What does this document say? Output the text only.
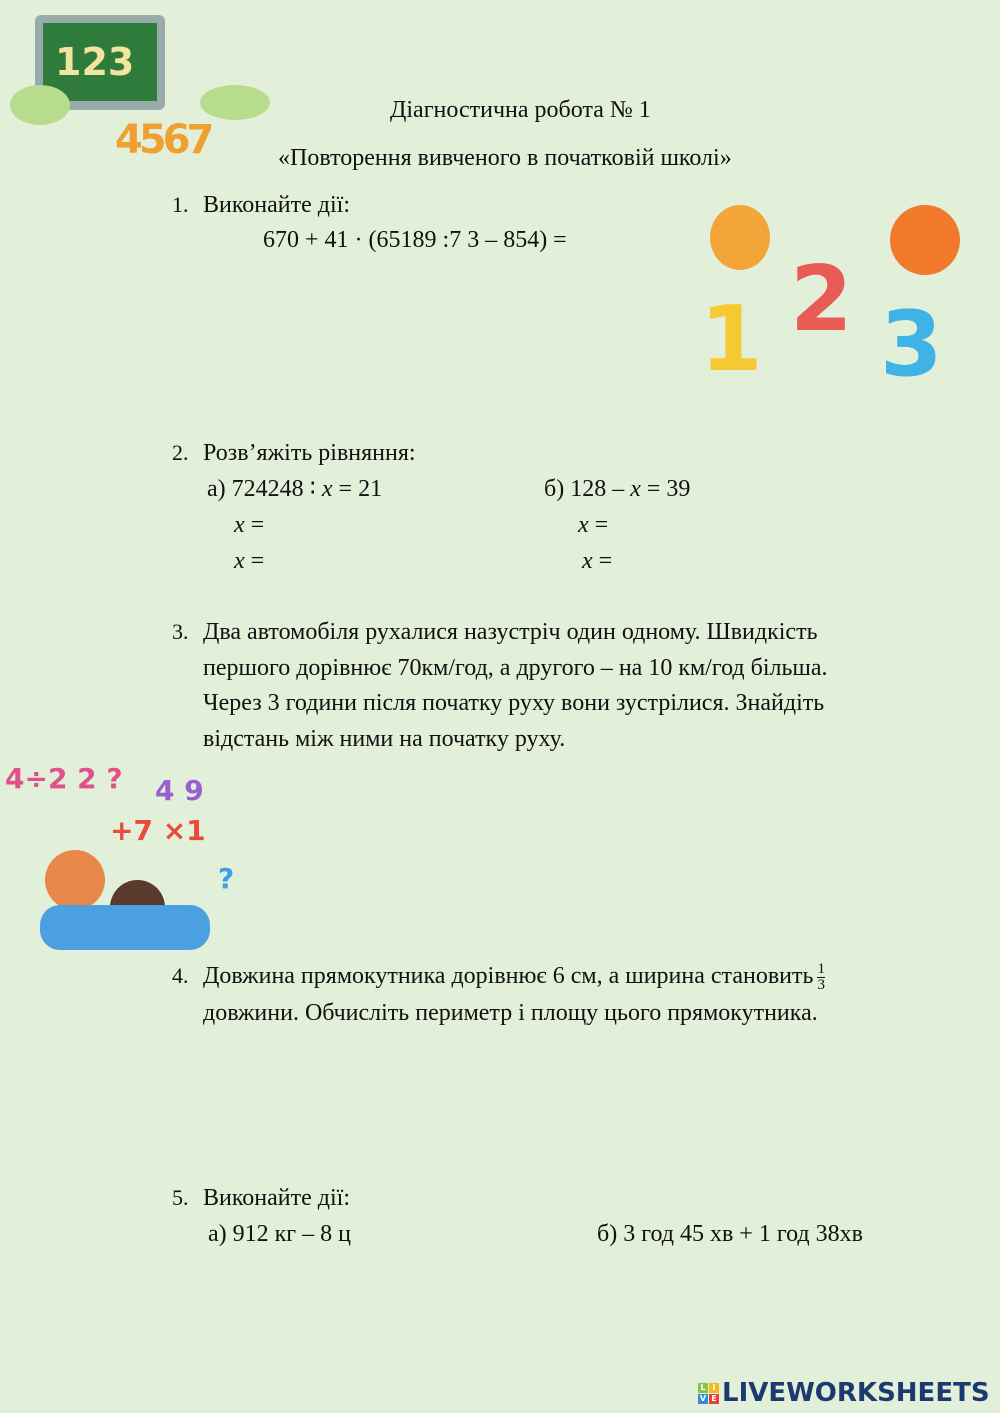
123
4567
1 2 3
4÷2 2 ? 4 9
+7 ×1
?
Діагностична робота № 1
«Повторення вивченого в початковій школі»
1. Виконайте дії:
670 + 41 · (65189 :7 3 – 854) =
2. Розв’яжіть рівняння:
а) 724248 ∶ x = 21	б) 128 – x = 39
x =
x =
x =
x =
3. Два автомобіля рухалися назустріч один одному. Швидкість
першого дорівнює 70км/год, а другого – на 10 км/год більша.
Через 3 години після початку руху вони зустрілися. Знайдіть
відстань між ними на початку руху.
4. Довжина прямокутника дорівнює 6 см, а ширина становить $\frac{1}{3}$
довжини. Обчисліть периметр і площу цього прямокутника.
5. Виконайте дії:
а) 912 кг – 8 ц	б) 3 год 45 хв + 1 год 38хв
L I
V E LIVEWORKSHEETS
